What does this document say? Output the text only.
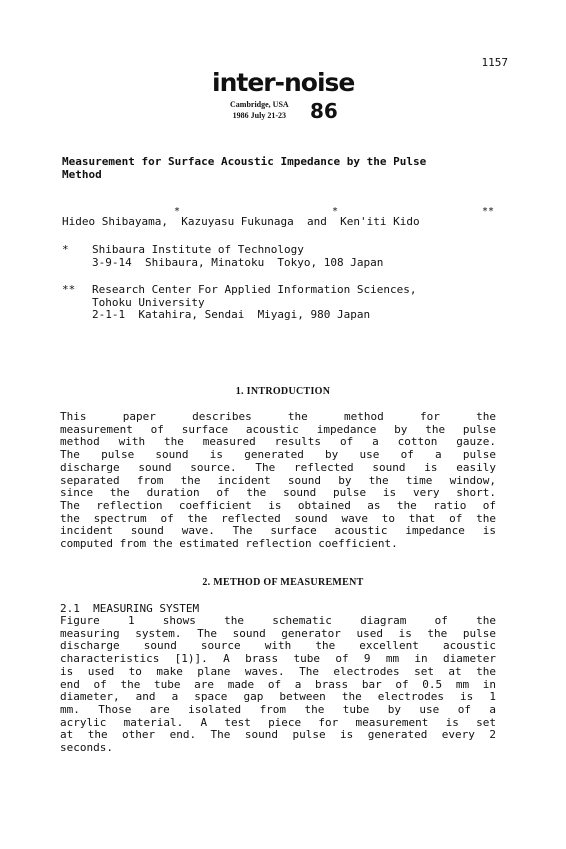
1157
inter-noise
Cambridge, USA
1986 July 21-23 86
Measurement for Surface Acoustic Impedance by the Pulse
Method
*	*	**
Hideo Shibayama,  Kazuyasu Fukunaga  and  Ken'iti Kido
* Shibaura Institute of Technology
3-9-14  Shibaura, Minatoku  Tokyo, 108 Japan
** Research Center For Applied Information Sciences,
Tohoku University
2-1-1  Katahira, Sendai  Miyagi, 980 Japan
1. INTRODUCTION
This paper describes the method for the
measurement of surface acoustic impedance by the pulse
method with the measured results of a cotton gauze.
The pulse sound is generated by use of a pulse
discharge sound source. The reflected sound is easily
separated from the incident sound by the time window,
since the duration of the sound pulse is very short.
The reflection coefficient is obtained as the ratio of
the spectrum of the reflected sound wave to that of the
incident sound wave. The surface acoustic impedance is
computed from the estimated reflection coefficient.
2. METHOD OF MEASUREMENT
2.1  MEASURING SYSTEM
Figure 1 shows the schematic diagram of the
measuring system. The sound generator used is the pulse
discharge sound source with the excellent acoustic
characteristics [1)]. A brass tube of 9 mm in diameter
is used to make plane waves. The electrodes set at the
end of the tube are made of a brass bar of 0.5 mm in
diameter, and a space gap between the electrodes is 1
mm. Those are isolated from the tube by use of a
acrylic material. A test piece for measurement is set
at the other end. The sound pulse is generated every 2
seconds.
